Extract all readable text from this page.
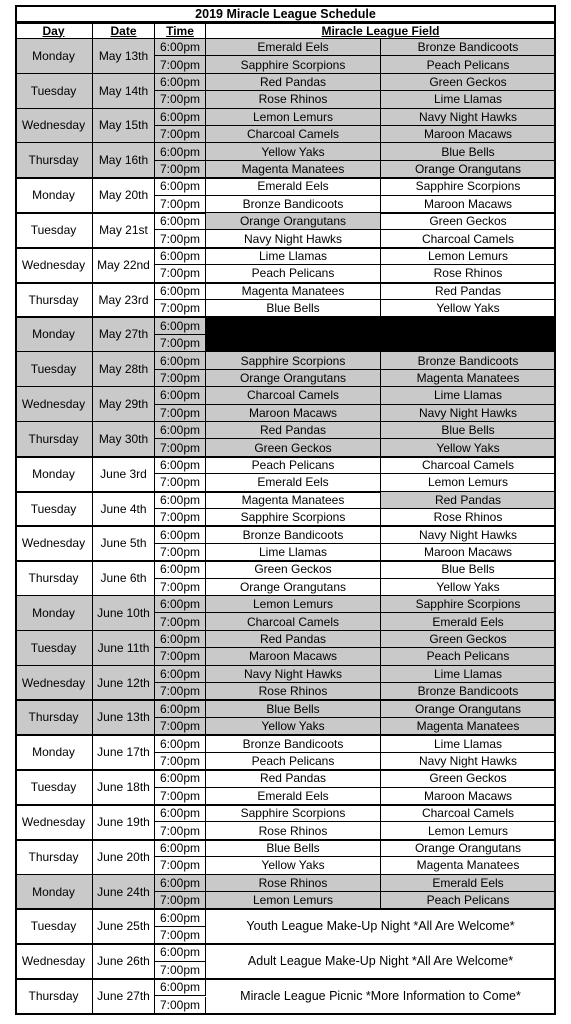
2019 Miracle League Schedule
Day	Date	Time	Miracle League Field
Monday	May 13th
6:00pm	Emerald Eels	Bronze Bandicoots
7:00pm	Sapphire Scorpions	Peach Pelicans
Tuesday	May 14th
6:00pm	Red Pandas	Green Geckos
7:00pm	Rose Rhinos	Lime Llamas
Wednesday	May 15th
6:00pm	Lemon Lemurs	Navy Night Hawks
7:00pm	Charcoal Camels	Maroon Macaws
Thursday	May 16th
6:00pm	Yellow Yaks	Blue Bells
7:00pm	Magenta Manatees	Orange Orangutans
Monday	May 20th
6:00pm	Emerald Eels	Sapphire Scorpions
7:00pm	Bronze Bandicoots	Maroon Macaws
Tuesday	May 21st
6:00pm	Orange Orangutans	Green Geckos
7:00pm	Navy Night Hawks	Charcoal Camels
Wednesday	May 22nd
6:00pm	Lime Llamas	Lemon Lemurs
7:00pm	Peach Pelicans	Rose Rhinos
Thursday	May 23rd
6:00pm	Magenta Manatees	Red Pandas
7:00pm	Blue Bells	Yellow Yaks
Monday	May 27th
6:00pm
7:00pm
Tuesday	May 28th
6:00pm	Sapphire Scorpions	Bronze Bandicoots
7:00pm	Orange Orangutans	Magenta Manatees
Wednesday	May 29th
6:00pm	Charcoal Camels	Lime Llamas
7:00pm	Maroon Macaws	Navy Night Hawks
Thursday	May 30th
6:00pm	Red Pandas	Blue Bells
7:00pm	Green Geckos	Yellow Yaks
Monday	June 3rd
6:00pm	Peach Pelicans	Charcoal Camels
7:00pm	Emerald Eels	Lemon Lemurs
Tuesday	June 4th
6:00pm	Magenta Manatees	Red Pandas
7:00pm	Sapphire Scorpions	Rose Rhinos
Wednesday	June 5th
6:00pm	Bronze Bandicoots	Navy Night Hawks
7:00pm	Lime Llamas	Maroon Macaws
Thursday	June 6th
6:00pm	Green Geckos	Blue Bells
7:00pm	Orange Orangutans	Yellow Yaks
Monday	June 10th
6:00pm	Lemon Lemurs	Sapphire Scorpions
7:00pm	Charcoal Camels	Emerald Eels
Tuesday	June 11th
6:00pm	Red Pandas	Green Geckos
7:00pm	Maroon Macaws	Peach Pelicans
Wednesday	June 12th
6:00pm	Navy Night Hawks	Lime Llamas
7:00pm	Rose Rhinos	Bronze Bandicoots
Thursday	June 13th
6:00pm	Blue Bells	Orange Orangutans
7:00pm	Yellow Yaks	Magenta Manatees
Monday	June 17th
6:00pm	Bronze Bandicoots	Lime Llamas
7:00pm	Peach Pelicans	Navy Night Hawks
Tuesday	June 18th
6:00pm	Red Pandas	Green Geckos
7:00pm	Emerald Eels	Maroon Macaws
Wednesday	June 19th
6:00pm	Sapphire Scorpions	Charcoal Camels
7:00pm	Rose Rhinos	Lemon Lemurs
Thursday	June 20th
6:00pm	Blue Bells	Orange Orangutans
7:00pm	Yellow Yaks	Magenta Manatees
Monday	June 24th
6:00pm	Rose Rhinos	Emerald Eels
7:00pm	Lemon Lemurs	Peach Pelicans
Tuesday	June 25th
6:00pm
7:00pm
Youth League Make-Up Night *All Are Welcome*
Wednesday	June 26th
6:00pm
7:00pm
Adult League Make-Up Night *All Are Welcome*
Thursday	June 27th
6:00pm
7:00pm
Miracle League Picnic *More Information to Come*
